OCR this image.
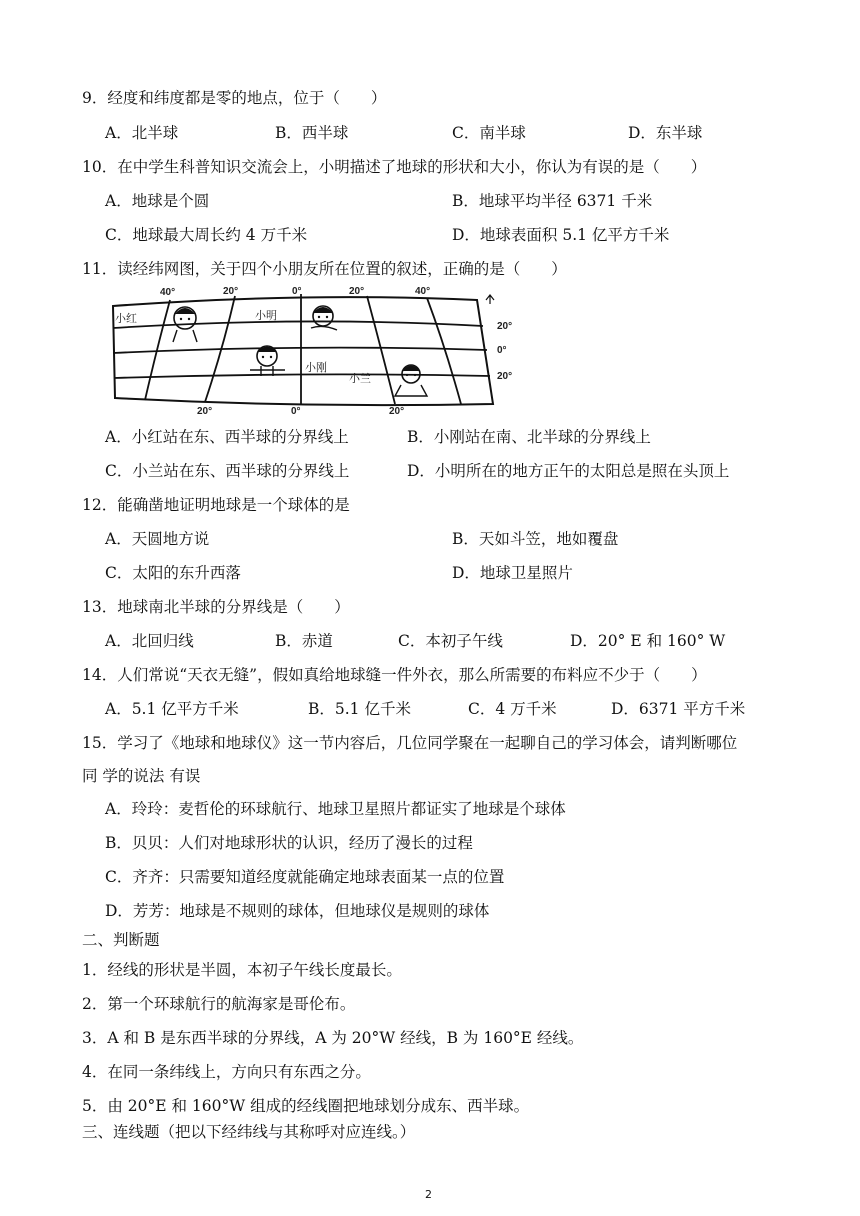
9．经度和纬度都是零的地点，位于（　　）
A．北半球	B．西半球	C．南半球	D．东半球
10．在中学生科普知识交流会上，小明描述了地球的形状和大小，你认为有误的是（　　）
A．地球是个圆	B．地球平均半径 6371 千米
C．地球最大周长约 4 万千米	D．地球表面积 5.1 亿平方千米
11．读经纬网图，关于四个小朋友所在位置的叙述，正确的是（　　）
40°	20°	0°	20°	40°
20°	0°	20°
20°
0°
20°
小红	小明
小刚
小兰
A．小红站在东、西半球的分界线上	B．小刚站在南、北半球的分界线上
C．小兰站在东、西半球的分界线上	D．小明所在的地方正午的太阳总是照在头顶上
12．能确凿地证明地球是一个球体的是
A．天圆地方说	B．天如斗笠，地如覆盘
C．太阳的东升西落	D．地球卫星照片
13．地球南北半球的分界线是（　　）
A．北回归线	B．赤道	C．本初子午线	D．20° E 和 160° W
14．人们常说“天衣无缝”，假如真给地球缝一件外衣，那么所需要的布料应不少于（　　）
A．5.1 亿平方千米	B．5.1 亿千米	C．4 万千米	D．6371 平方千米
15．学习了《地球和地球仪》这一节内容后，几位同学聚在一起聊自己的学习体会，请判断哪位
同 学的说法 有误
A．玲玲：麦哲伦的环球航行、地球卫星照片都证实了地球是个球体
B．贝贝：人们对地球形状的认识，经历了漫长的过程
C．齐齐：只需要知道经度就能确定地球表面某一点的位置
D．芳芳：地球是不规则的球体，但地球仪是规则的球体
二、判断题
1．经线的形状是半圆，本初子午线长度最长。
2．第一个环球航行的航海家是哥伦布。
3．A 和 B 是东西半球的分界线，A 为 20°W 经线，B 为 160°E 经线。
4．在同一条纬线上，方向只有东西之分。
5．由 20°E 和 160°W 组成的经线圈把地球划分成东、西半球。
三、连线题（把以下经纬线与其称呼对应连线。）
2
